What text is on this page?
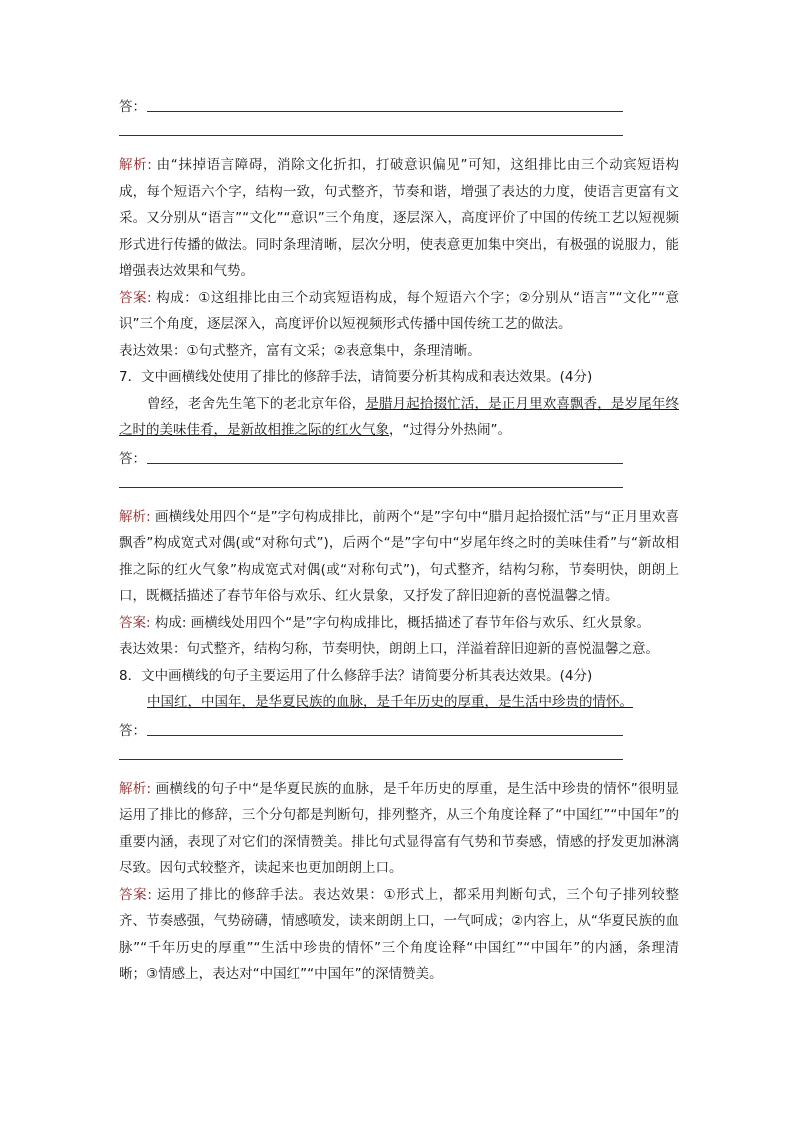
答：

解析: 由“抹掉语言障碍，消除文化折扣，打破意识偏见”可知，这组排比由三个动宾短语构成，每个短语六个字，结构一致，句式整齐，节奏和谐，增强了表达的力度，使语言更富有文采。又分别从“语言”“文化”“意识”三个角度，逐层深入，高度评价了中国的传统工艺以短视频形式进行传播的做法。同时条理清晰，层次分明，使表意更加集中突出，有极强的说服力，能增强表达效果和气势。

答案: 构成：①这组排比由三个动宾短语构成，每个短语六个字；②分别从“语言”“文化”“意识”三个角度，逐层深入，高度评价以短视频形式传播中国传统工艺的做法。

表达效果：①句式整齐，富有文采；②表意集中，条理清晰。

7．文中画横线处使用了排比的修辞手法，请简要分析其构成和表达效果。(4分)

曾经，老舍先生笔下的老北京年俗，是腊月起拾掇忙活，是正月里欢喜飘香，是岁尾年终之时的美味佳肴，是新故相推之际的红火气象，“过得分外热闹”。

答：

解析: 画横线处用四个“是”字句构成排比，前两个“是”字句中“腊月起拾掇忙活”与“正月里欢喜飘香”构成宽式对偶(或“对称句式”)，后两个“是”字句中“岁尾年终之时的美味佳肴”与“新故相推之际的红火气象”构成宽式对偶(或“对称句式”)，句式整齐，结构匀称，节奏明快，朗朗上口，既概括描述了春节年俗与欢乐、红火景象，又抒发了辞旧迎新的喜悦温馨之情。

答案: 构成: 画横线处用四个“是”字句构成排比，概括描述了春节年俗与欢乐、红火景象。

表达效果：句式整齐，结构匀称，节奏明快，朗朗上口，洋溢着辞旧迎新的喜悦温馨之意。

8．文中画横线的句子主要运用了什么修辞手法？请简要分析其表达效果。(4分)

中国红，中国年，是华夏民族的血脉，是千年历史的厚重，是生活中珍贵的情怀。

答：

解析: 画横线的句子中“是华夏民族的血脉，是千年历史的厚重，是生活中珍贵的情怀”很明显运用了排比的修辞，三个分句都是判断句，排列整齐，从三个角度诠释了“中国红”“中国年”的重要内涵，表现了对它们的深情赞美。排比句式显得富有气势和节奏感，情感的抒发更加淋漓尽致。因句式较整齐，读起来也更加朗朗上口。

答案: 运用了排比的修辞手法。表达效果：①形式上，都采用判断句式，三个句子排列较整齐、节奏感强，气势磅礴，情感喷发，读来朗朗上口，一气呵成；②内容上，从“华夏民族的血脉”“千年历史的厚重”“生活中珍贵的情怀”三个角度诠释“中国红”“中国年”的内涵，条理清晰；③情感上，表达对“中国红”“中国年”的深情赞美。
